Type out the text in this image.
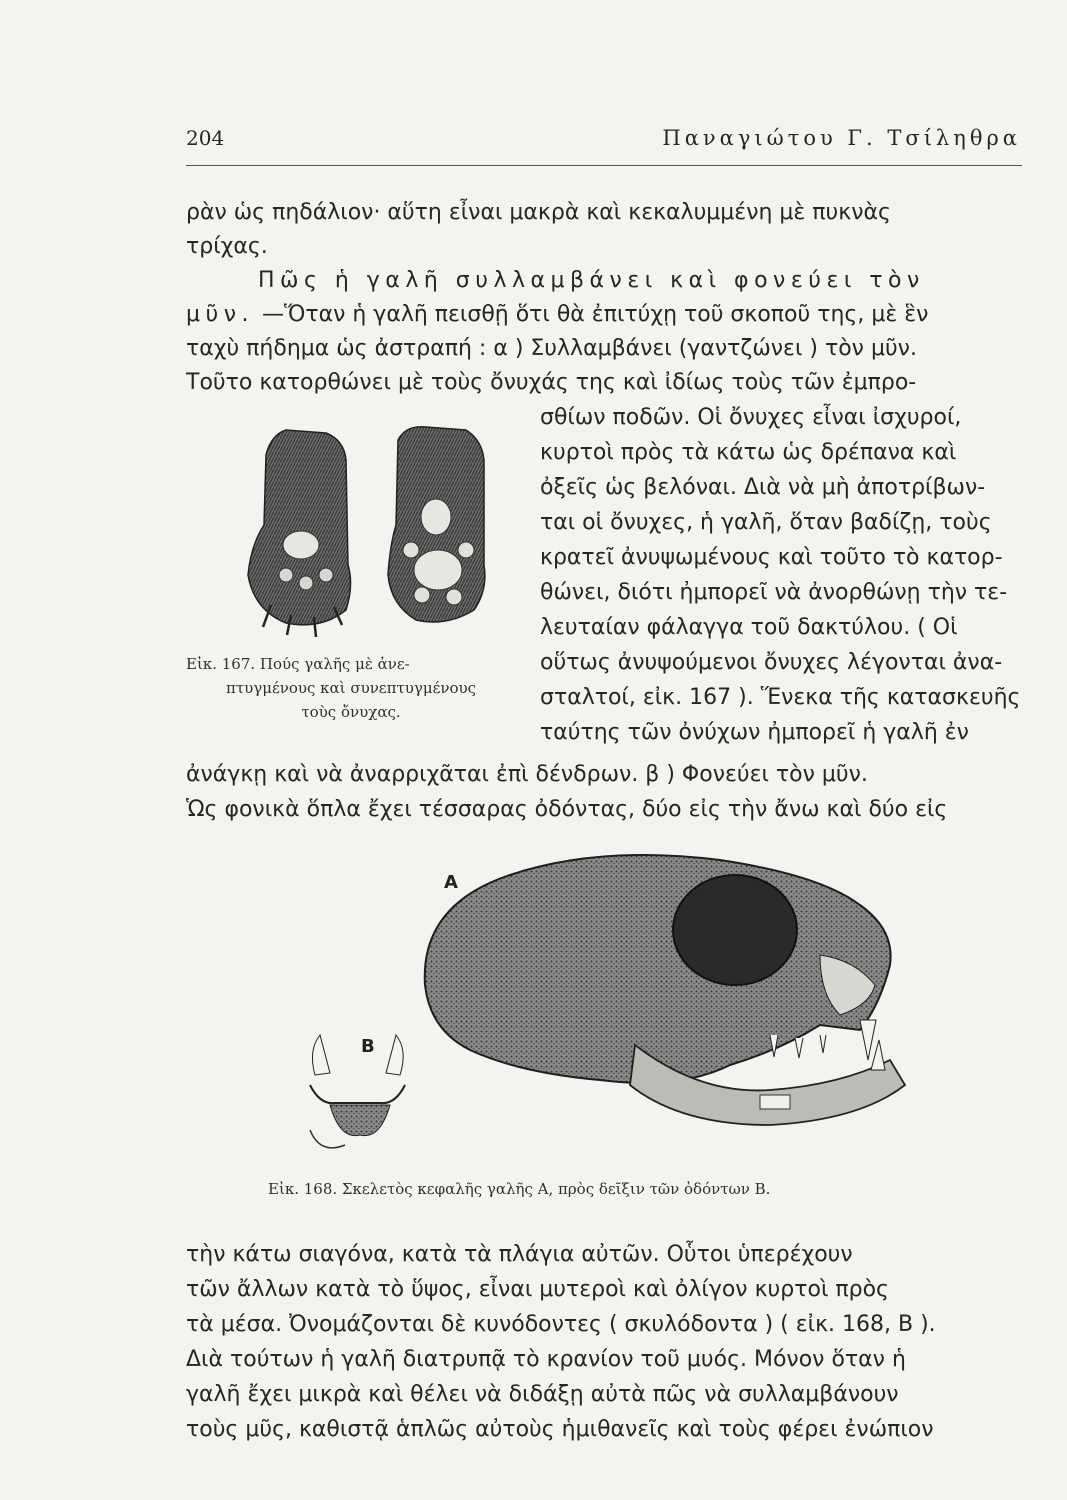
204	Παναγιώτου Γ. Τσίληθρα
ρὰν ὡς πηδάλιον· αὕτη εἶναι μακρὰ καὶ κεκαλυμμένη μὲ πυκνὰς
τρίχας.
Πῶς ἡ γαλῆ συλλαμβάνει καὶ φονεύει τὸν
μῦν. —Ὅταν ἡ γαλῆ πεισθῇ ὅτι θὰ ἐπιτύχῃ τοῦ σκοποῦ της, μὲ ἓν
ταχὺ πήδημα ὡς ἀστραπή : α ) Συλλαμβάνει (γαντζώνει ) τὸν μῦν.
Τοῦτο κατορθώνει μὲ τοὺς ὄνυχάς της καὶ ἰδίως τοὺς τῶν ἐμπρο-
σθίων ποδῶν. Οἱ ὄνυχες εἶναι ἰσχυροί,
κυρτοὶ πρὸς τὰ κάτω ὡς δρέπανα καὶ
ὀξεῖς ὡς βελόναι. Διὰ νὰ μὴ ἀποτρίβων-
ται οἱ ὄνυχες, ἡ γαλῆ, ὅταν βαδίζῃ, τοὺς
κρατεῖ ἀνυψωμένους καὶ τοῦτο τὸ κατορ-
θώνει, διότι ἠμπορεῖ νὰ ἀνορθώνῃ τὴν τε-
λευταίαν φάλαγγα τοῦ δακτύλου. ( Οἱ
οὕτως ἀνυψούμενοι ὄνυχες λέγονται ἀνα-
σταλτοί, εἰκ. 167 ). Ἕνεκα τῆς κατασκευῆς
ταύτης τῶν ὀνύχων ἠμπορεῖ ἡ γαλῆ ἐν
Εἰκ. 167. Πούς γαλῆς μὲ ἀνε-
πτυγμένους καὶ συνεπτυγμένους
τοὺς ὄνυχας.
ἀνάγκῃ καὶ νὰ ἀναρριχᾶται ἐπὶ δένδρων. β ) Φονεύει τὸν μῦν.
Ὡς φονικὰ ὅπλα ἔχει τέσσαρας ὀδόντας, δύο εἰς τὴν ἄνω καὶ δύο εἰς
A
B
Εἰκ. 168. Σκελετὸς κεφαλῆς γαλῆς Α, πρὸς δεῖξιν τῶν ὀδόντων Β.
τὴν κάτω σιαγόνα, κατὰ τὰ πλάγια αὐτῶν. Οὗτοι ὑπερέχουν
τῶν ἄλλων κατὰ τὸ ὕψος, εἶναι μυτεροὶ καὶ ὀλίγον κυρτοὶ πρὸς
τὰ μέσα. Ὀνομάζονται δὲ κυνόδοντες ( σκυλόδοντα ) ( εἰκ. 168, Β ).
Διὰ τούτων ἡ γαλῆ διατρυπᾷ τὸ κρανίον τοῦ μυός. Μόνον ὅταν ἡ
γαλῆ ἔχει μικρὰ καὶ θέλει νὰ διδάξῃ αὐτὰ πῶς νὰ συλλαμβάνουν
τοὺς μῦς, καθιστᾷ ἁπλῶς αὐτοὺς ἡμιθανεῖς καὶ τοὺς φέρει ἐνώπιον
